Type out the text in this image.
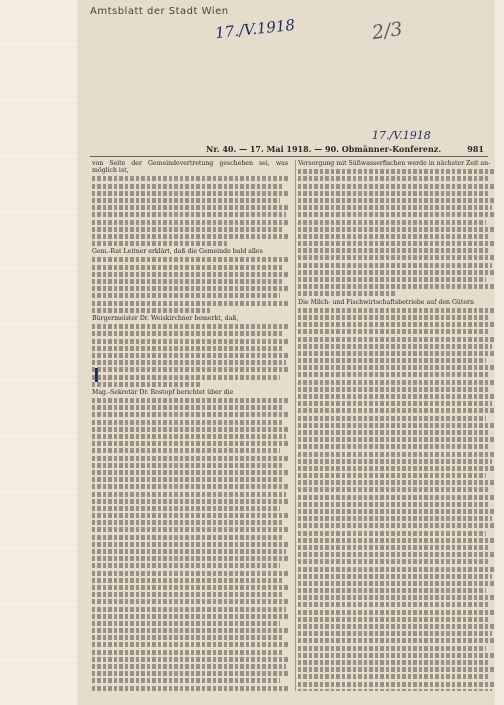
Amtsblatt der Stadt Wien
17./V.1918	2/3
17./V.1918
Nr. 40. — 17. Mai 1918. — 90. Obmänner-Konferenz.	981

von Seite der Gemeindevertretung geschehen sei, was möglich ist,

Gem.-Rat Leitner erklärt, daß die Gemeinde bald alles

Bürgermeister Dr. Weiskirchner bemerkt, daß,

Mag.-Sekretär Dr. Rostopf berichtet über die

Versorgung mit Süßwasserfischen werde in nächster Zeit an-

Die Milch- und Fischwirtschaftsbetriebe auf den Gütern
